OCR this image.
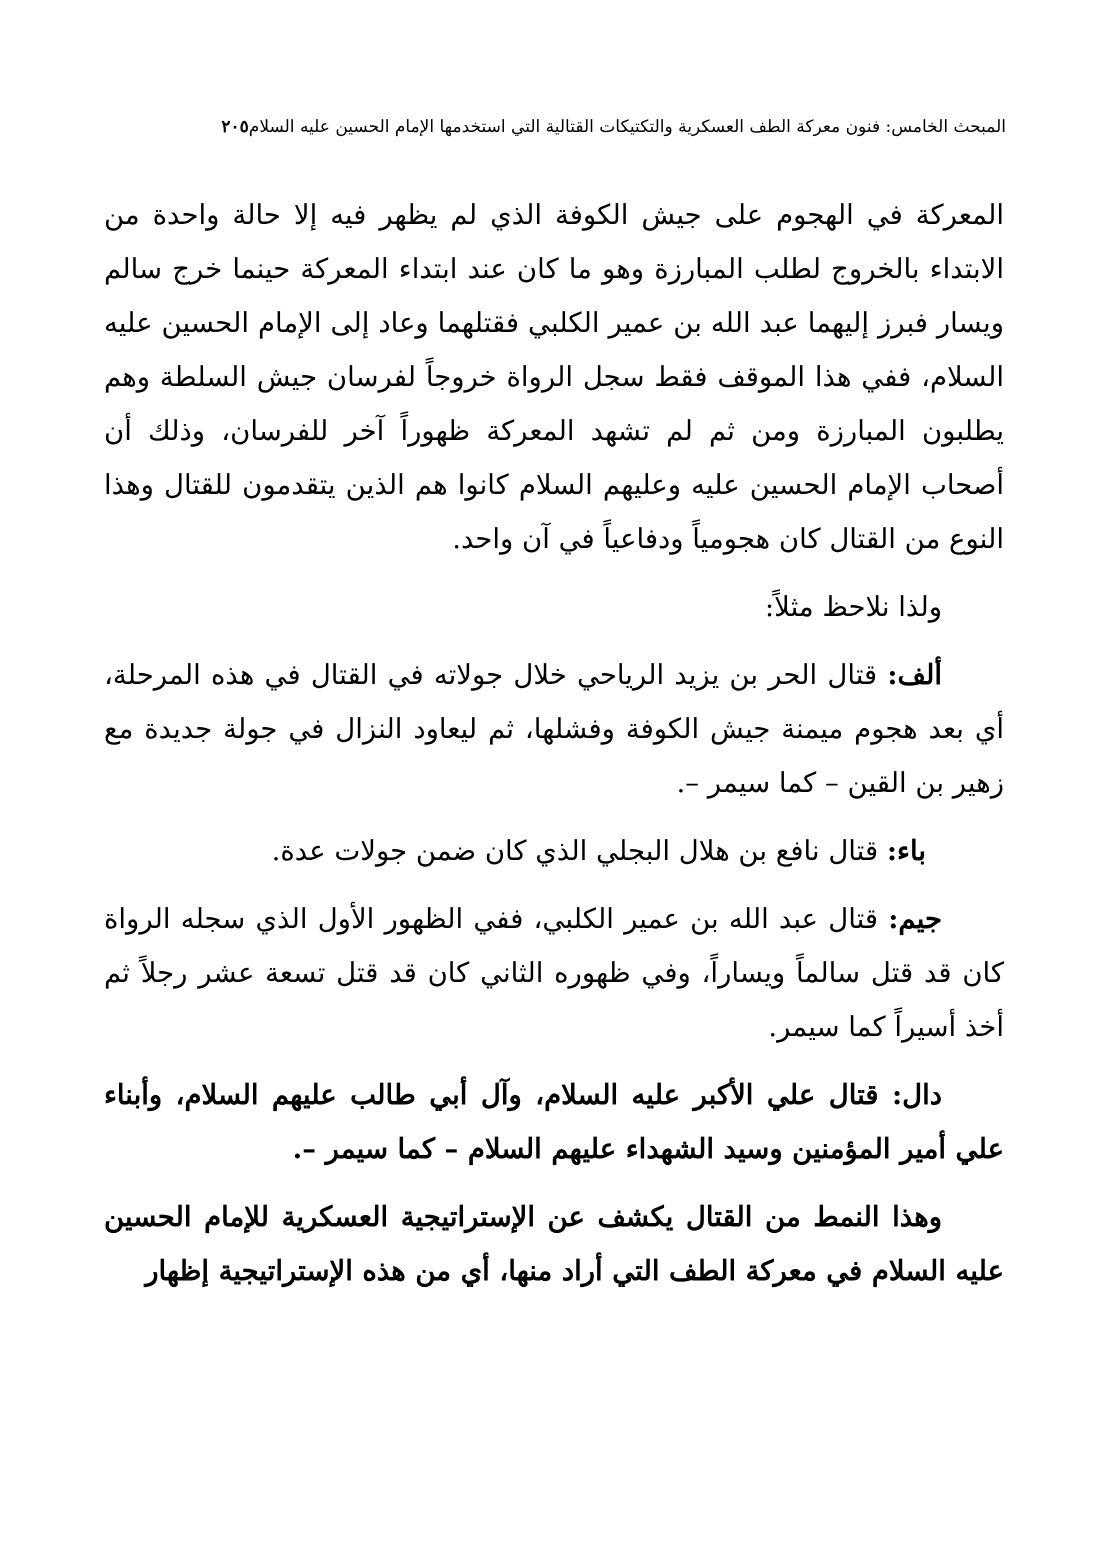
المبحث الخامس: فنون معركة الطف العسكرية والتكتيكات القتالية التي استخدمها الإمام الحسين عليه السلام٢٠٥

المعركة في الهجوم على جيش الكوفة الذي لم يظهر فيه إلا حالة واحدة من الابتداء بالخروج لطلب المبارزة وهو ما كان عند ابتداء المعركة حينما خرج سالم ويسار فبرز إليهما عبد الله بن عمير الكلبي فقتلهما وعاد إلى الإمام الحسين عليه السلام، ففي هذا الموقف فقط سجل الرواة خروجاً لفرسان جيش السلطة وهم يطلبون المبارزة ومن ثم لم تشهد المعركة ظهوراً آخر للفرسان، وذلك أن أصحاب الإمام الحسين عليه وعليهم السلام كانوا هم الذين يتقدمون للقتال وهذا النوع من القتال كان هجومياً ودفاعياً في آن واحد.

ولذا نلاحظ مثلاً:

ألف: قتال الحر بن يزيد الرياحي خلال جولاته في القتال في هذه المرحلة، أي بعد هجوم ميمنة جيش الكوفة وفشلها، ثم ليعاود النزال في جولة جديدة مع زهير بن القين – كما سيمر –.

باء: قتال نافع بن هلال البجلي الذي كان ضمن جولات عدة.

جيم: قتال عبد الله بن عمير الكلبي، ففي الظهور الأول الذي سجله الرواة كان قد قتل سالماً ويساراً، وفي ظهوره الثاني كان قد قتل تسعة عشر رجلاً ثم أخذ أسيراً كما سيمر.

دال: قتال علي الأكبر عليه السلام، وآل أبي طالب عليهم السلام، وأبناء علي أمير المؤمنين وسيد الشهداء عليهم السلام – كما سيمر –.

وهذا النمط من القتال يكشف عن الإستراتيجية العسكرية للإمام الحسين عليه السلام في معركة الطف التي أراد منها، أي من هذه الإستراتيجية إظهار
